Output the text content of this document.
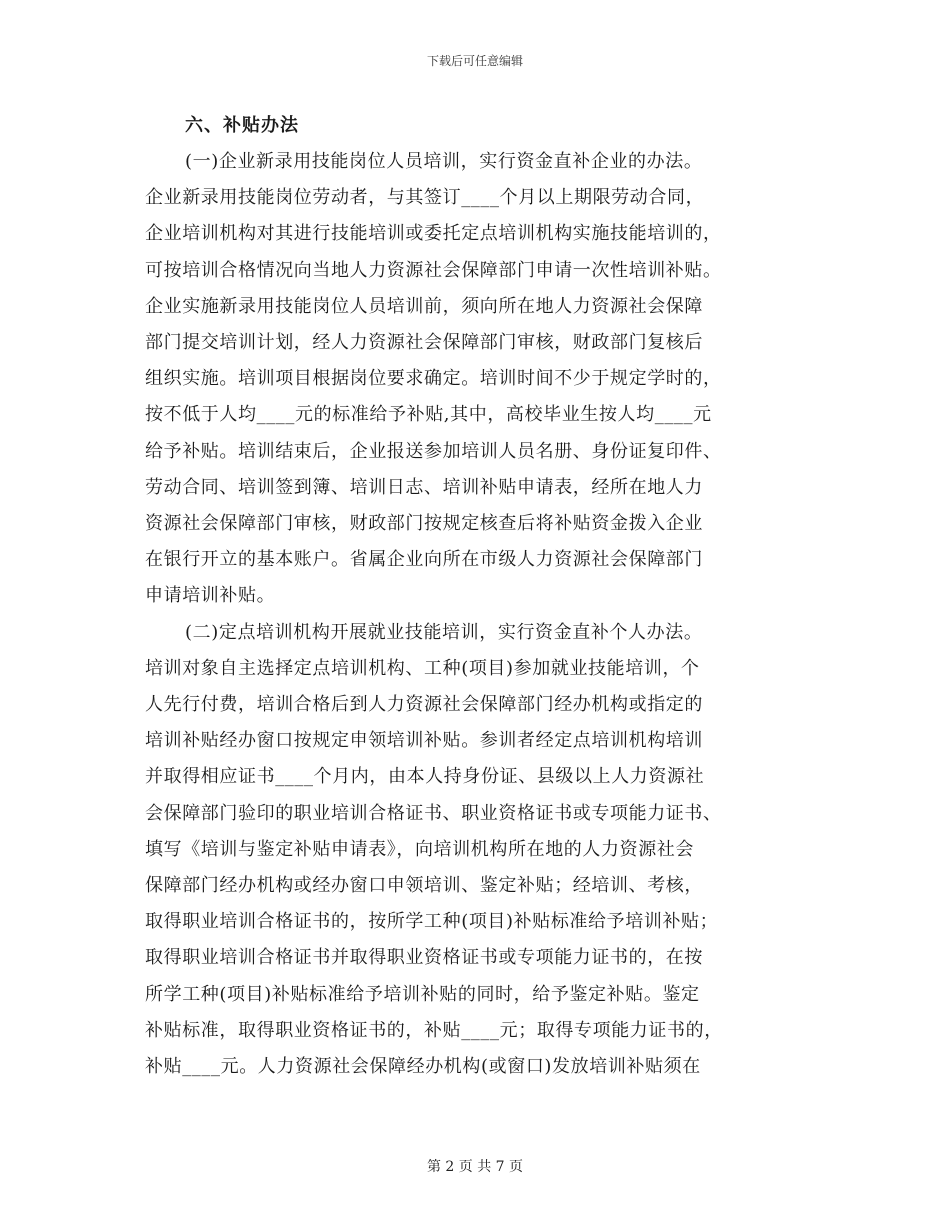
下载后可任意编辑
六、补贴办法
(一)企业新录用技能岗位人员培训，实行资金直补企业的办法。
企业新录用技能岗位劳动者，与其签订____个月以上期限劳动合同，
企业培训机构对其进行技能培训或委托定点培训机构实施技能培训的，
可按培训合格情况向当地人力资源社会保障部门申请一次性培训补贴。
企业实施新录用技能岗位人员培训前，须向所在地人力资源社会保障
部门提交培训计划，经人力资源社会保障部门审核，财政部门复核后
组织实施。培训项目根据岗位要求确定。培训时间不少于规定学时的，
按不低于人均____元的标准给予补贴,其中，高校毕业生按人均____元
给予补贴。培训结束后，企业报送参加培训人员名册、身份证复印件、
劳动合同、培训签到簿、培训日志、培训补贴申请表，经所在地人力
资源社会保障部门审核，财政部门按规定核查后将补贴资金拨入企业
在银行开立的基本账户。省属企业向所在市级人力资源社会保障部门
申请培训补贴。
(二)定点培训机构开展就业技能培训，实行资金直补个人办法。
培训对象自主选择定点培训机构、工种(项目)参加就业技能培训，个
人先行付费，培训合格后到人力资源社会保障部门经办机构或指定的
培训补贴经办窗口按规定申领培训补贴。参训者经定点培训机构培训
并取得相应证书____个月内，由本人持身份证、县级以上人力资源社
会保障部门验印的职业培训合格证书、职业资格证书或专项能力证书、
填写《培训与鉴定补贴申请表》，向培训机构所在地的人力资源社会
保障部门经办机构或经办窗口申领培训、鉴定补贴；经培训、考核，
取得职业培训合格证书的，按所学工种(项目)补贴标准给予培训补贴；
取得职业培训合格证书并取得职业资格证书或专项能力证书的，在按
所学工种(项目)补贴标准给予培训补贴的同时，给予鉴定补贴。鉴定
补贴标准，取得职业资格证书的，补贴____元；取得专项能力证书的，
补贴____元。人力资源社会保障经办机构(或窗口)发放培训补贴须在
第 2 页 共 7 页
